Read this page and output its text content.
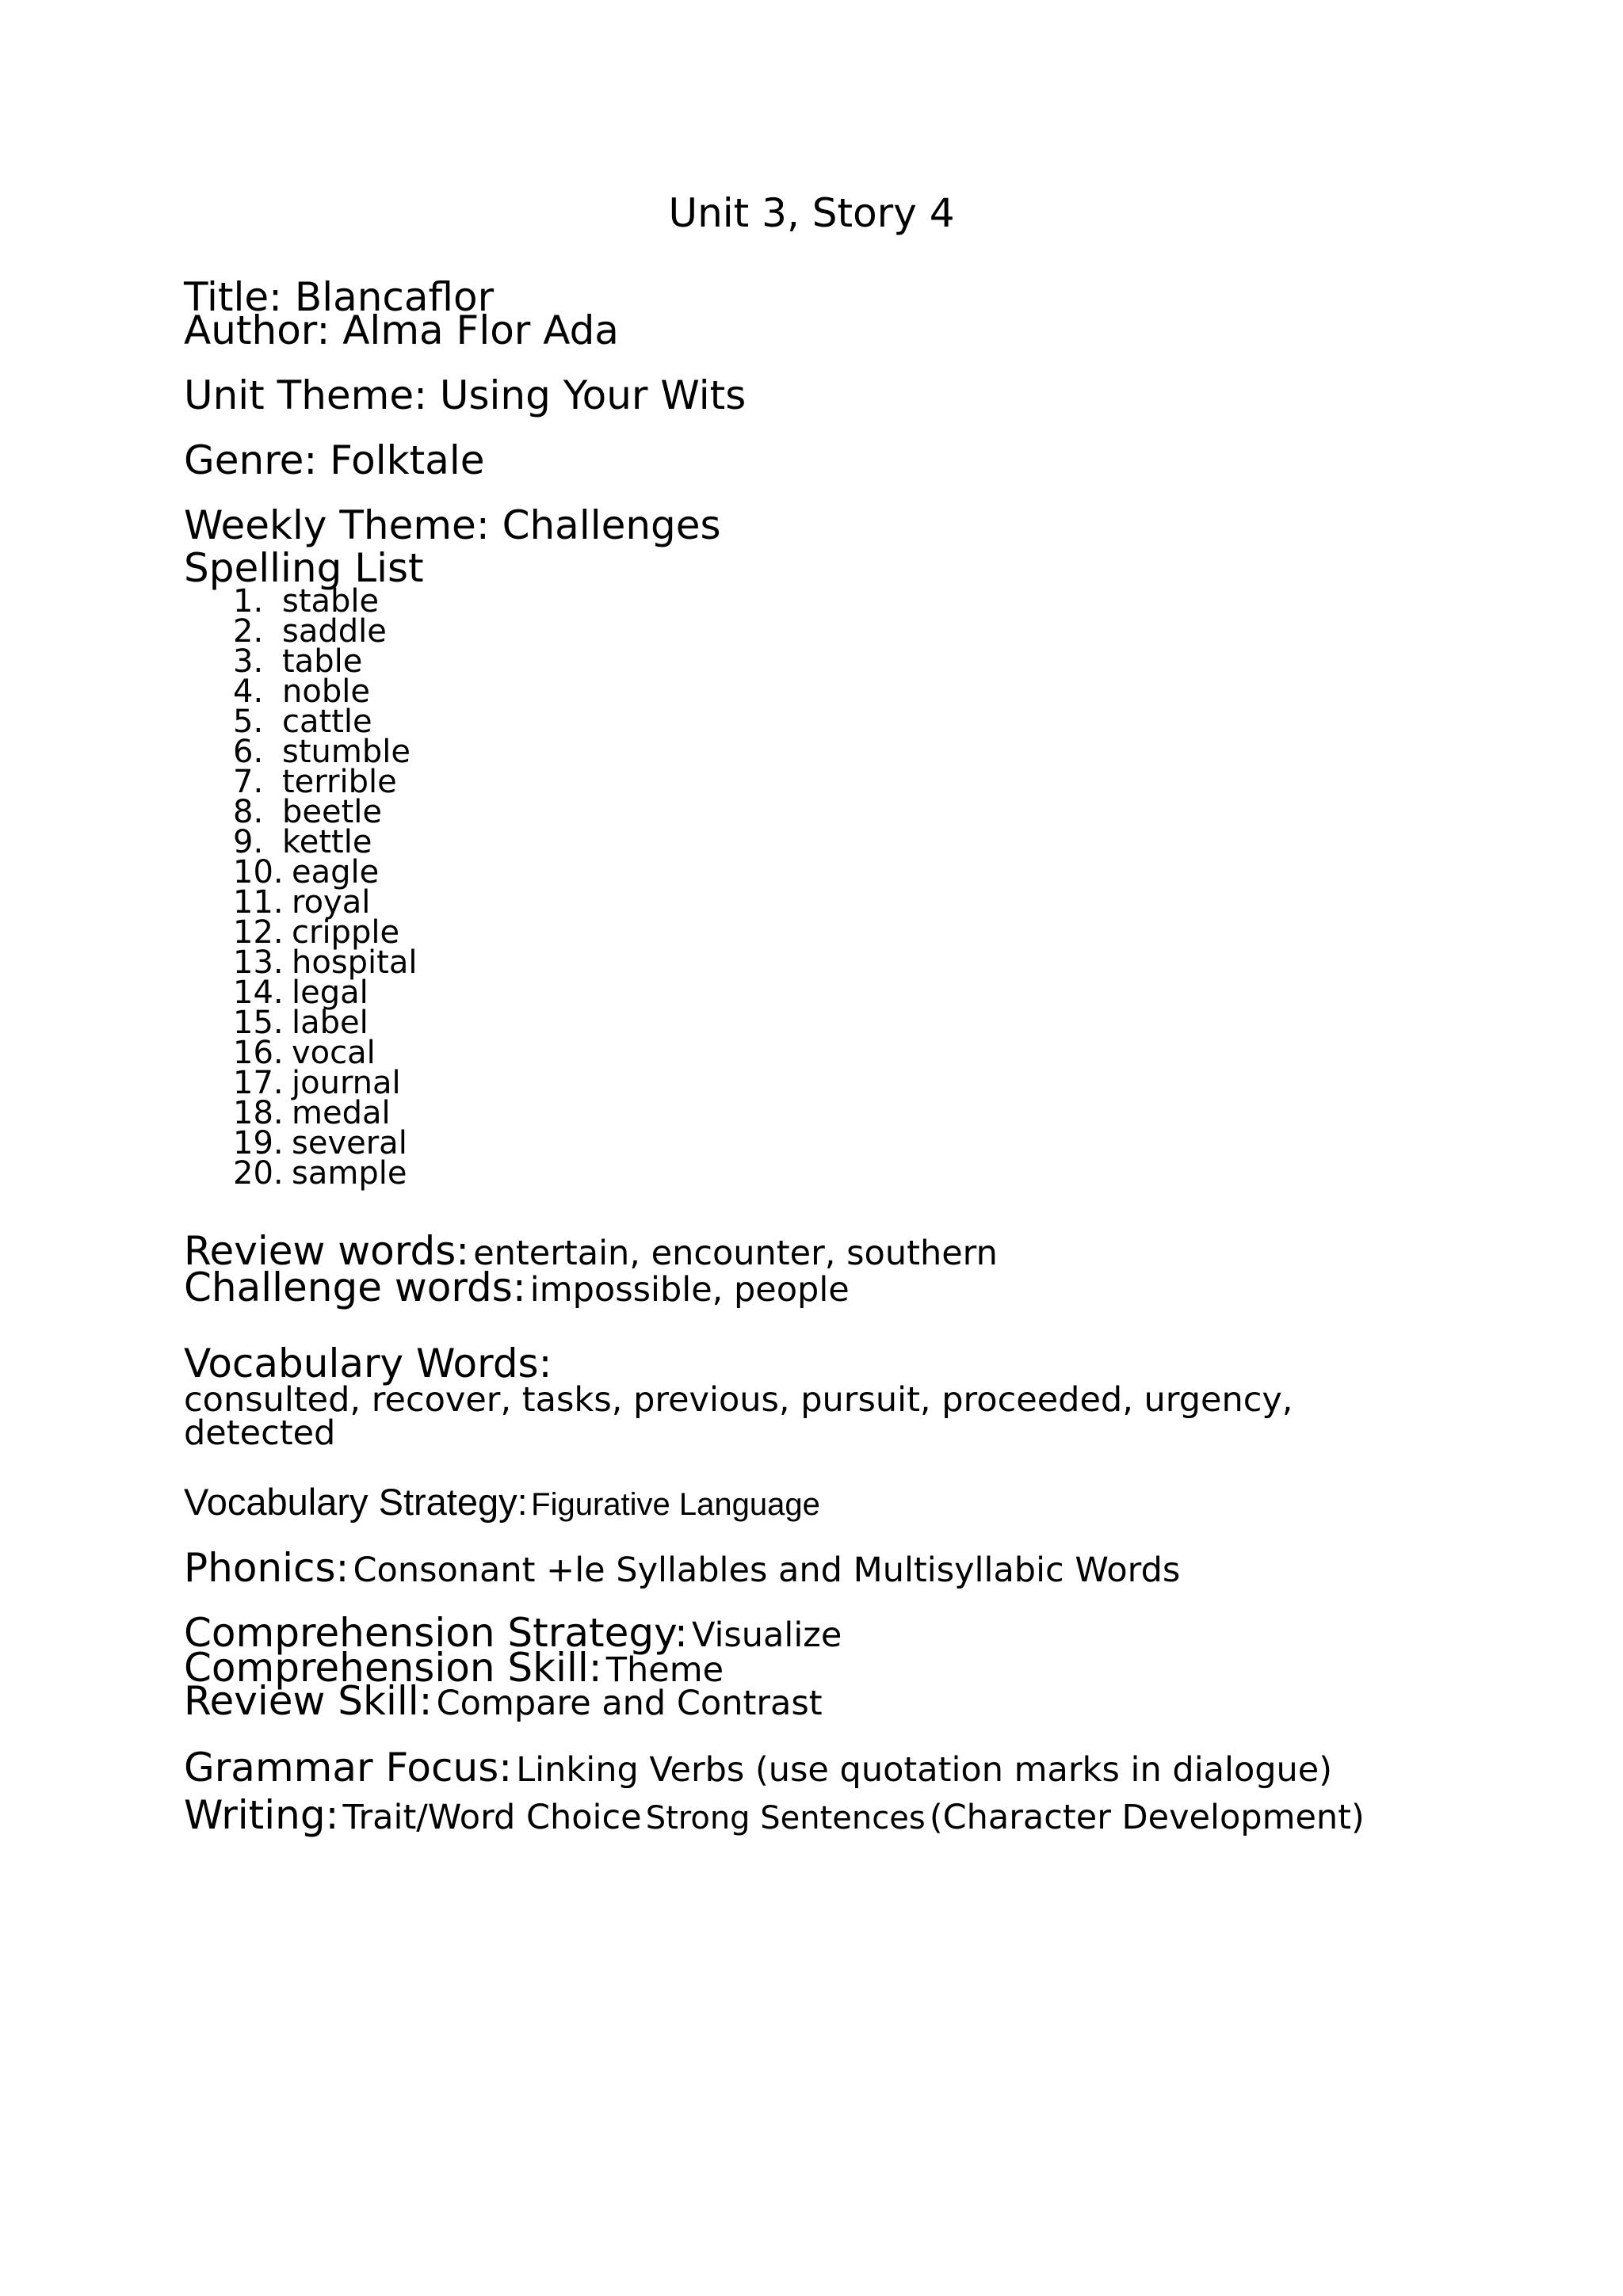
Unit 3, Story 4

Title: Blancaflor

Author: Alma Flor Ada

Unit Theme: Using Your Wits

Genre: Folktale

Weekly Theme: Challenges

Spelling List

1. stable
2. saddle
3. table
4. noble
5. cattle
6. stumble
7. terrible
8. beetle
9. kettle
10. eagle
11. royal
12. cripple
13. hospital
14. legal
15. label
16. vocal
17. journal
18. medal
19. several
20. sample

Review words: entertain, encounter, southern

Challenge words: impossible, people

Vocabulary Words:

consulted, recover, tasks, previous, pursuit, proceeded, urgency,

detected

Vocabulary Strategy: Figurative Language

Phonics: Consonant +le Syllables and Multisyllabic Words

Comprehension Strategy: Visualize

Comprehension Skill: Theme

Review Skill: Compare and Contrast

Grammar Focus: Linking Verbs (use quotation marks in dialogue)

Writing: Trait/Word Choice Strong Sentences (Character Development)
